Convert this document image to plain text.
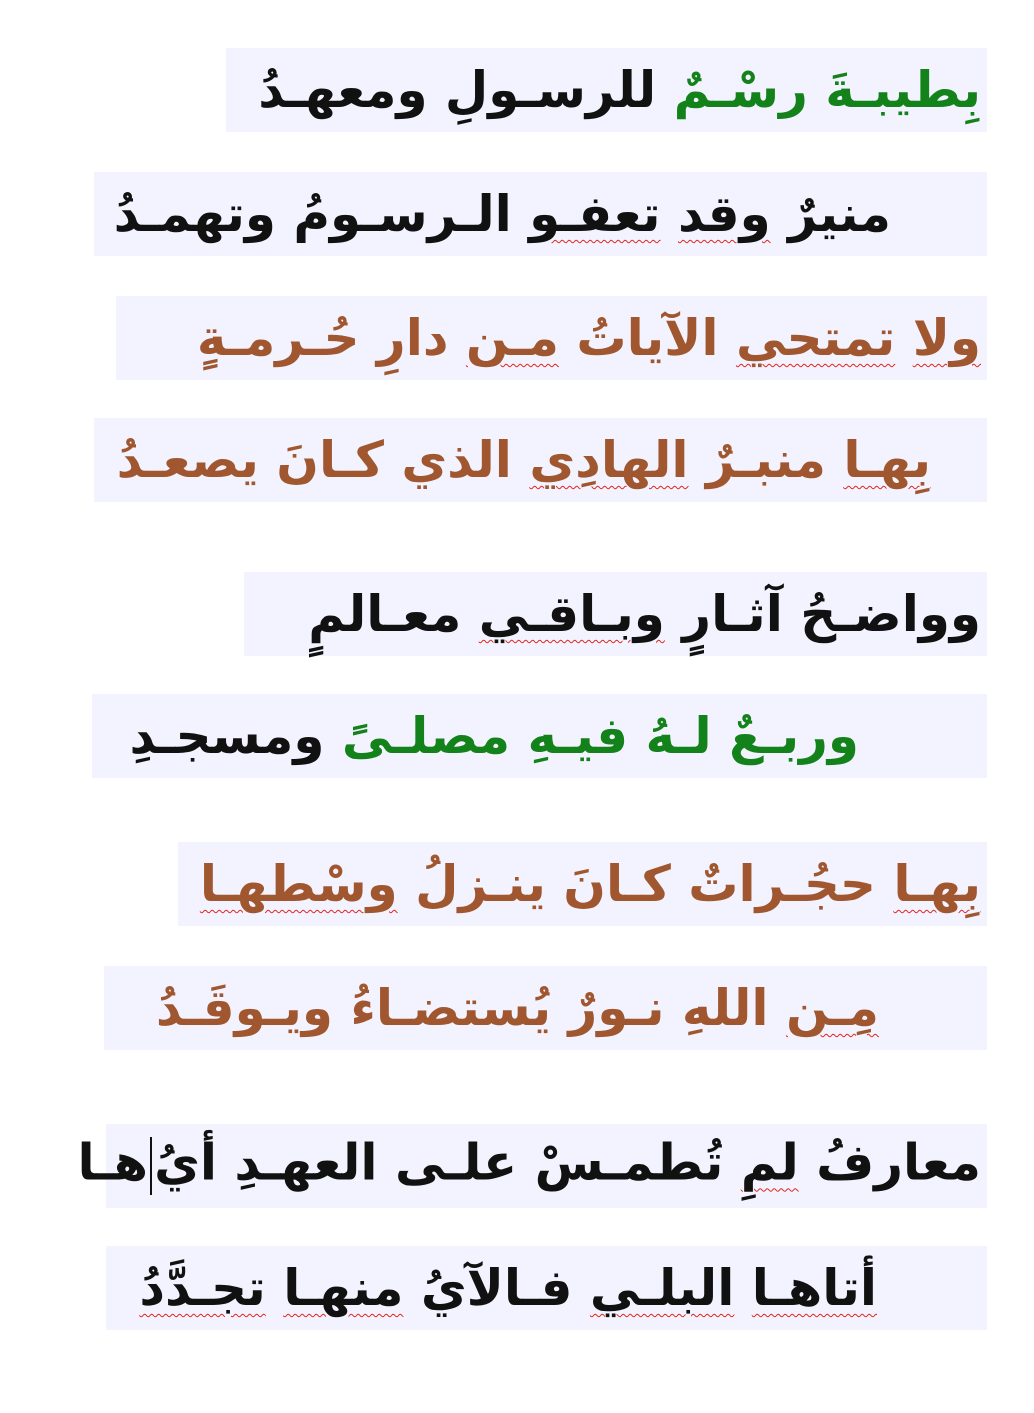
بِطيبـةَ رسْـمٌ للرسـولِ ومعهـدُ
منيرٌ وقد تعفـو الـرسـومُ وتهمـدُ
ولا تمتحي الآياتُ مـن دارِ حُـرمـةٍ
بِهـا منبـرٌ الهادِي الذي كـانَ يصعـدُ
وواضـحُ آثـارٍ وبـاقـي معـالمٍ
وربـعٌ لـهُ فيـهِ مصلـىً ومسجـدِ
بِهـا حجُـراتٌ كـانَ ينـزلُ وسْطهـا
مِـن اللهِ نـورٌ يُستضـاءُ ويـوقَـدُ
معارفُ لمِ تُطمـسْ علـى العهـدِ أيُهـا
أتاهـا البلـي فـالآيُ منهـا تجـدَّدُ
